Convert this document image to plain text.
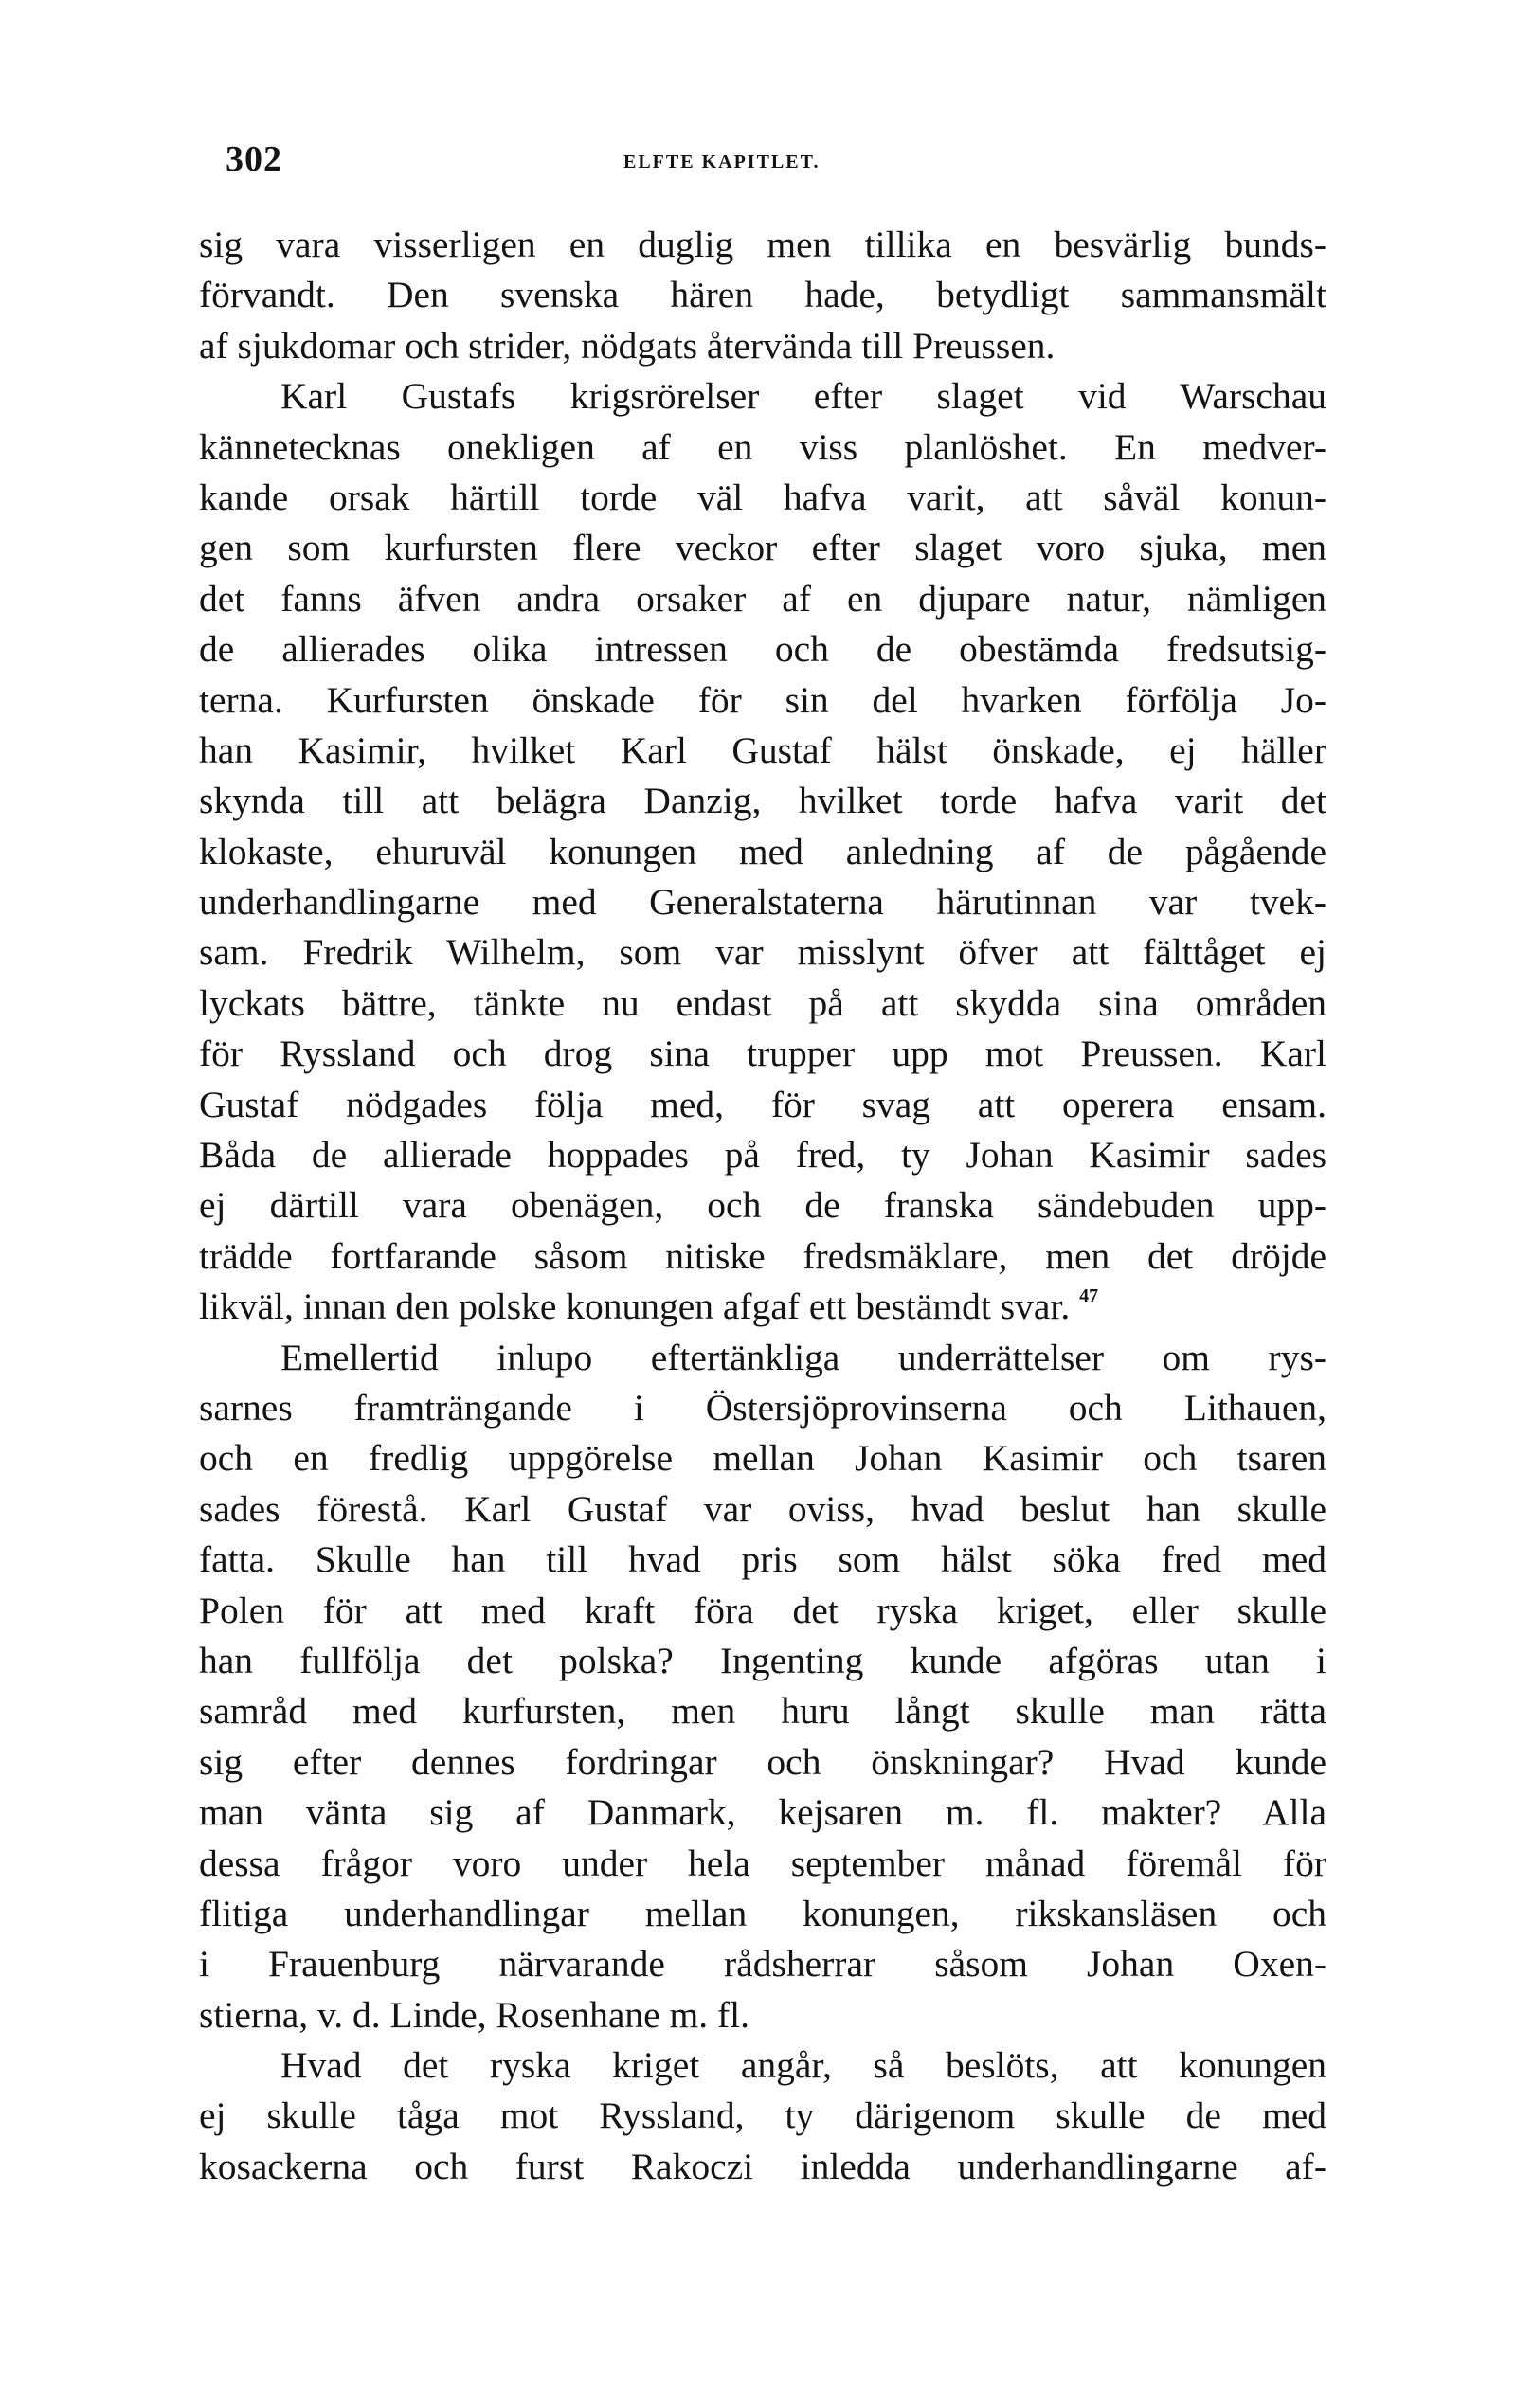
302	ELFTE KAPITLET.
sig vara visserligen en duglig men tillika en besvärlig bunds-
förvandt. Den svenska hären hade, betydligt sammansmält
af sjukdomar och strider, nödgats återvända till Preussen.
Karl Gustafs krigsrörelser efter slaget vid Warschau
kännetecknas onekligen af en viss planlöshet. En medver-
kande orsak härtill torde väl hafva varit, att såväl konun-
gen som kurfursten flere veckor efter slaget voro sjuka, men
det fanns äfven andra orsaker af en djupare natur, nämligen
de allierades olika intressen och de obestämda fredsutsig-
terna. Kurfursten önskade för sin del hvarken förfölja Jo-
han Kasimir, hvilket Karl Gustaf hälst önskade, ej häller
skynda till att belägra Danzig, hvilket torde hafva varit det
klokaste, ehuruväl konungen med anledning af de pågående
underhandlingarne med Generalstaterna härutinnan var tvek-
sam. Fredrik Wilhelm, som var misslynt öfver att fälttåget ej
lyckats bättre, tänkte nu endast på att skydda sina områden
för Ryssland och drog sina trupper upp mot Preussen. Karl
Gustaf nödgades följa med, för svag att operera ensam.
Båda de allierade hoppades på fred, ty Johan Kasimir sades
ej därtill vara obenägen, och de franska sändebuden upp-
trädde fortfarande såsom nitiske fredsmäklare, men det dröjde
likväl, innan den polske konungen afgaf ett bestämdt svar. $^{47}$
Emellertid inlupo eftertänkliga underrättelser om rys-
sarnes framträngande i Östersjöprovinserna och Lithauen,
och en fredlig uppgörelse mellan Johan Kasimir och tsaren
sades förestå. Karl Gustaf var oviss, hvad beslut han skulle
fatta. Skulle han till hvad pris som hälst söka fred med
Polen för att med kraft föra det ryska kriget, eller skulle
han fullfölja det polska? Ingenting kunde afgöras utan i
samråd med kurfursten, men huru långt skulle man rätta
sig efter dennes fordringar och önskningar? Hvad kunde
man vänta sig af Danmark, kejsaren m. fl. makter? Alla
dessa frågor voro under hela september månad föremål för
flitiga underhandlingar mellan konungen, rikskansläsen och
i Frauenburg närvarande rådsherrar såsom Johan Oxen-
stierna, v. d. Linde, Rosenhane m. fl.
Hvad det ryska kriget angår, så beslöts, att konungen
ej skulle tåga mot Ryssland, ty därigenom skulle de med
kosackerna och furst Rakoczi inledda underhandlingarne af-
